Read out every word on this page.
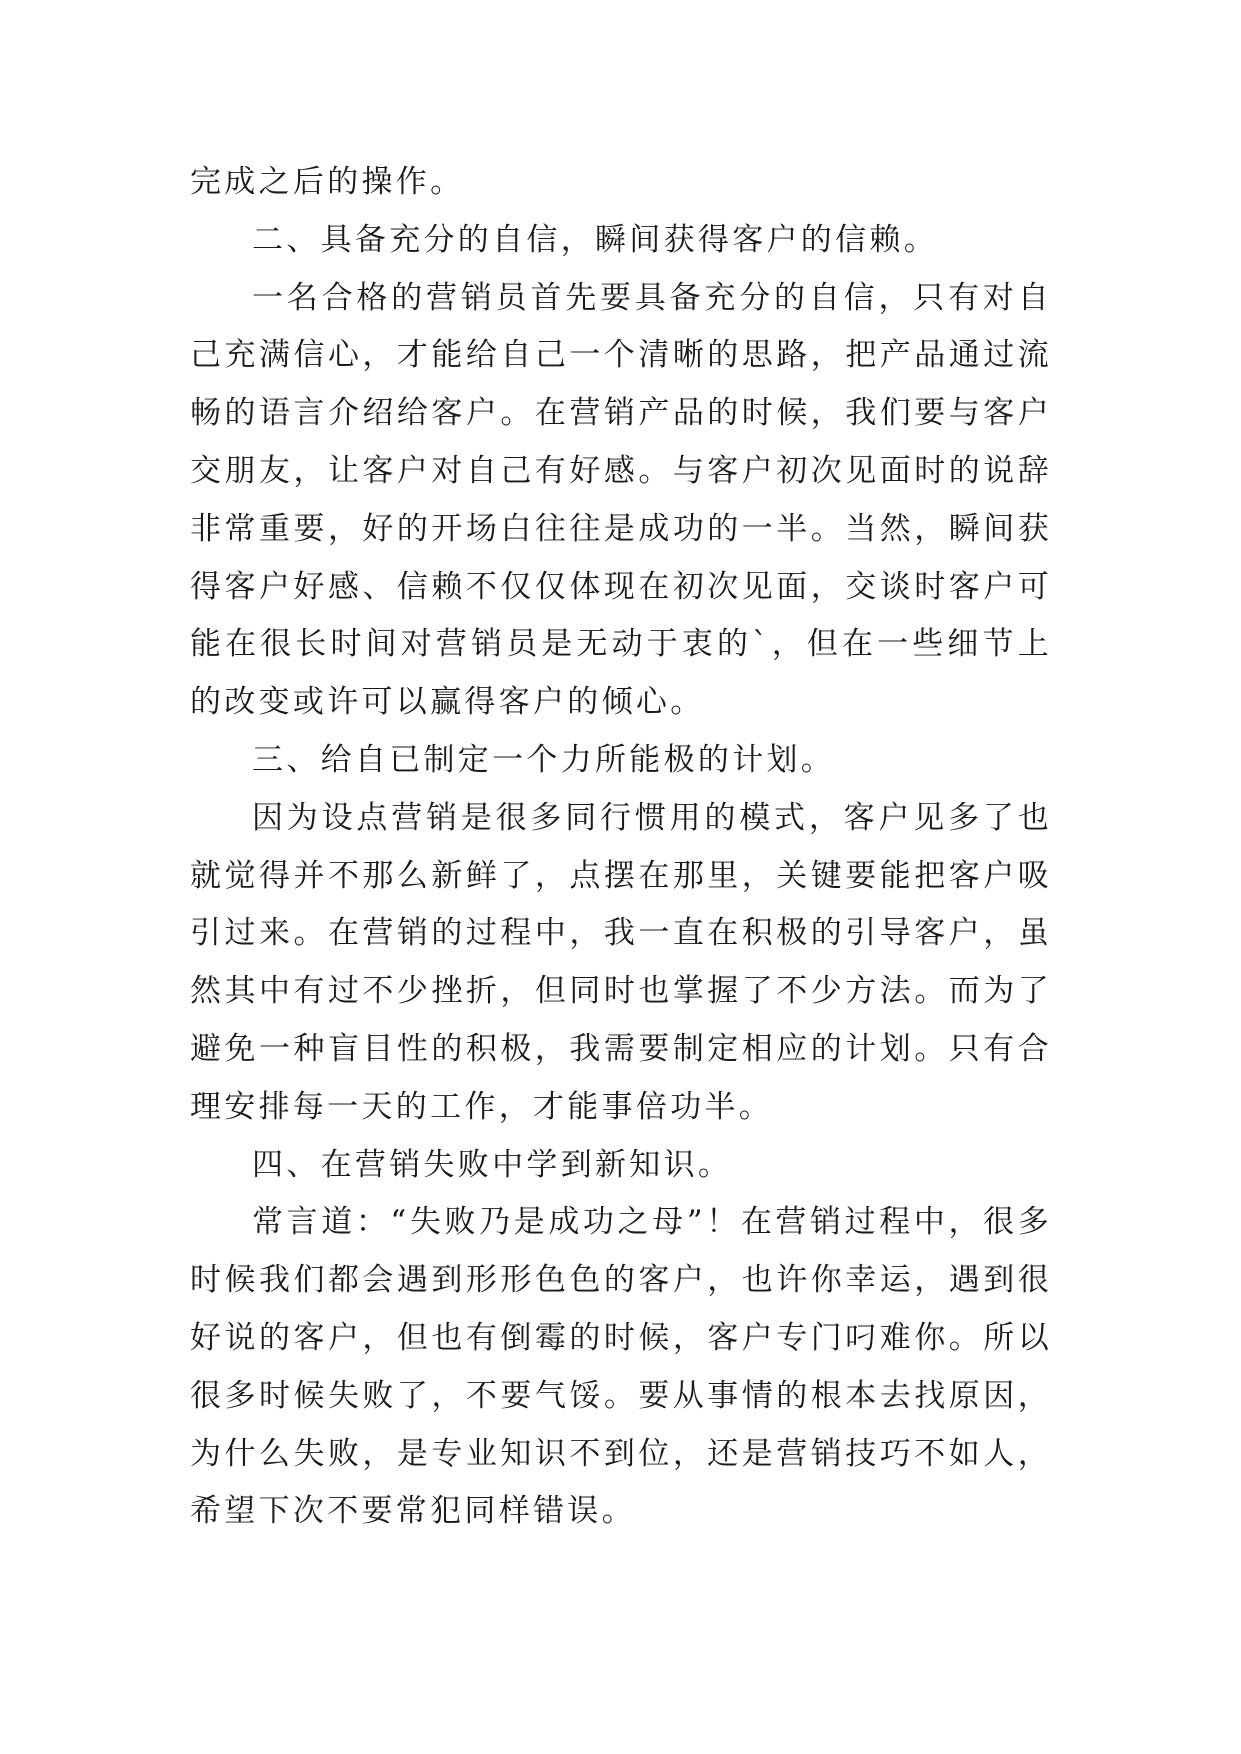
完成之后的操作。

二、具备充分的自信，瞬间获得客户的信赖。

一名合格的营销员首先要具备充分的自信，只有对自己充满信心，才能给自己一个清晰的思路，把产品通过流畅的语言介绍给客户。在营销产品的时候，我们要与客户交朋友，让客户对自己有好感。与客户初次见面时的说辞非常重要，好的开场白往往是成功的一半。当然，瞬间获得客户好感、信赖不仅仅体现在初次见面，交谈时客户可能在很长时间对营销员是无动于衷的`，但在一些细节上的改变或许可以赢得客户的倾心。

三、给自已制定一个力所能极的计划。

因为设点营销是很多同行惯用的模式，客户见多了也就觉得并不那么新鲜了，点摆在那里，关键要能把客户吸引过来。在营销的过程中，我一直在积极的引导客户，虽然其中有过不少挫折，但同时也掌握了不少方法。而为了避免一种盲目性的积极，我需要制定相应的计划。只有合理安排每一天的工作，才能事倍功半。

四、在营销失败中学到新知识。

常言道：“失败乃是成功之母”！在营销过程中，很多时候我们都会遇到形形色色的客户，也许你幸运，遇到很好说的客户，但也有倒霉的时候，客户专门叼难你。所以很多时候失败了，不要气馁。要从事情的根本去找原因，为什么失败，是专业知识不到位，还是营销技巧不如人，希望下次不要常犯同样错误。
